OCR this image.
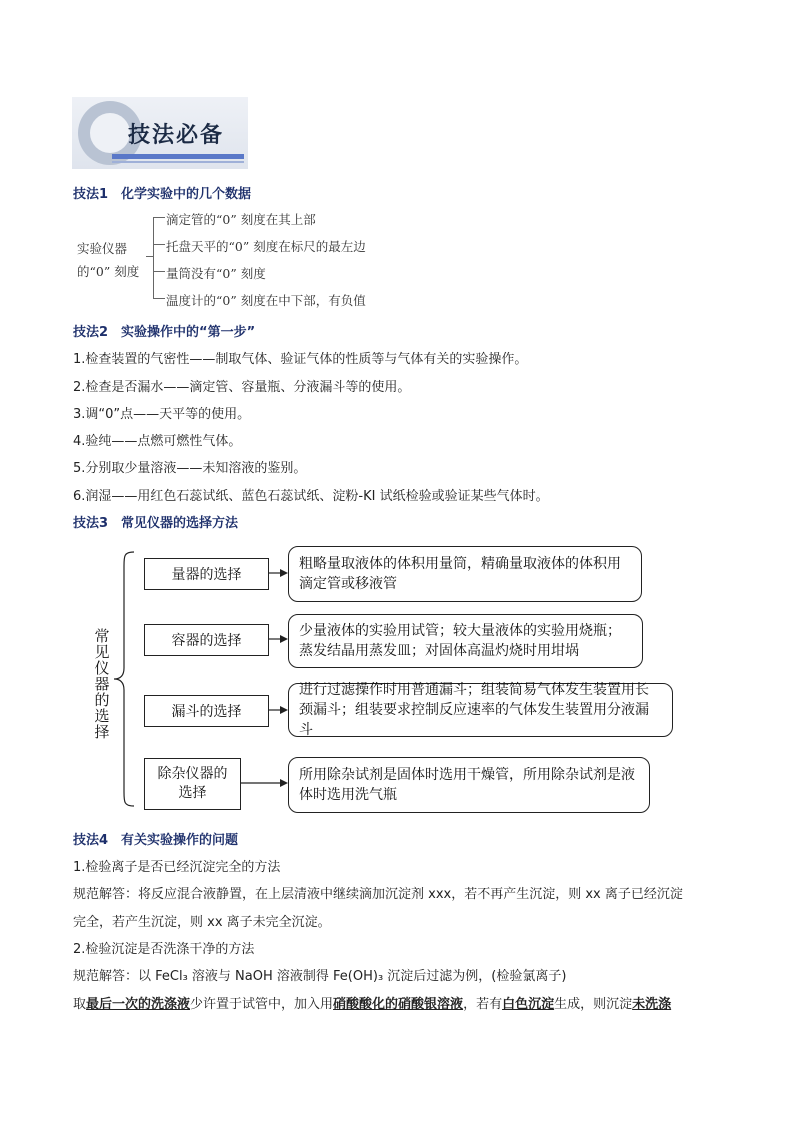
技法必备
技法1　化学实验中的几个数据
实验仪器
的“0” 刻度
滴定管的“0” 刻度在其上部
托盘天平的“0” 刻度在标尺的最左边
量筒没有“0” 刻度
温度计的“0” 刻度在中下部，有负值
技法2　实验操作中的“第一步”
1.检查装置的气密性——制取气体、验证气体的性质等与气体有关的实验操作。
2.检查是否漏水——滴定管、容量瓶、分液漏斗等的使用。
3.调“0”点——天平等的使用。
4.验纯——点燃可燃性气体。
5.分别取少量溶液——未知溶液的鉴别。
6.润湿——用红色石蕊试纸、蓝色石蕊试纸、淀粉-KI 试纸检验或验证某些气体时。
技法3　常见仪器的选择方法
常见仪器的选择
量器的选择
粗略量取液体的体积用量筒，精确量取液体的体积用滴定管或移液管
容器的选择
少量液体的实验用试管；较大量液体的实验用烧瓶；蒸发结晶用蒸发皿；对固体高温灼烧时用坩埚
漏斗的选择
进行过滤操作时用普通漏斗；组装简易气体发生装置用长颈漏斗；组装要求控制反应速率的气体发生装置用分液漏斗
除杂仪器的选择
所用除杂试剂是固体时选用干燥管，所用除杂试剂是液体时选用洗气瓶
技法4　有关实验操作的问题
1.检验离子是否已经沉淀完全的方法
规范解答：将反应混合液静置，在上层清液中继续滴加沉淀剂 xxx，若不再产生沉淀，则 xx 离子已经沉淀
完全，若产生沉淀，则 xx 离子未完全沉淀。
2.检验沉淀是否洗涤干净的方法
规范解答：以 FeCl₃ 溶液与 NaOH 溶液制得 Fe(OH)₃ 沉淀后过滤为例，(检验氯离子)
取最后一次的洗涤液少许置于试管中，加入用硝酸酸化的硝酸银溶液，若有白色沉淀生成，则沉淀未洗涤
